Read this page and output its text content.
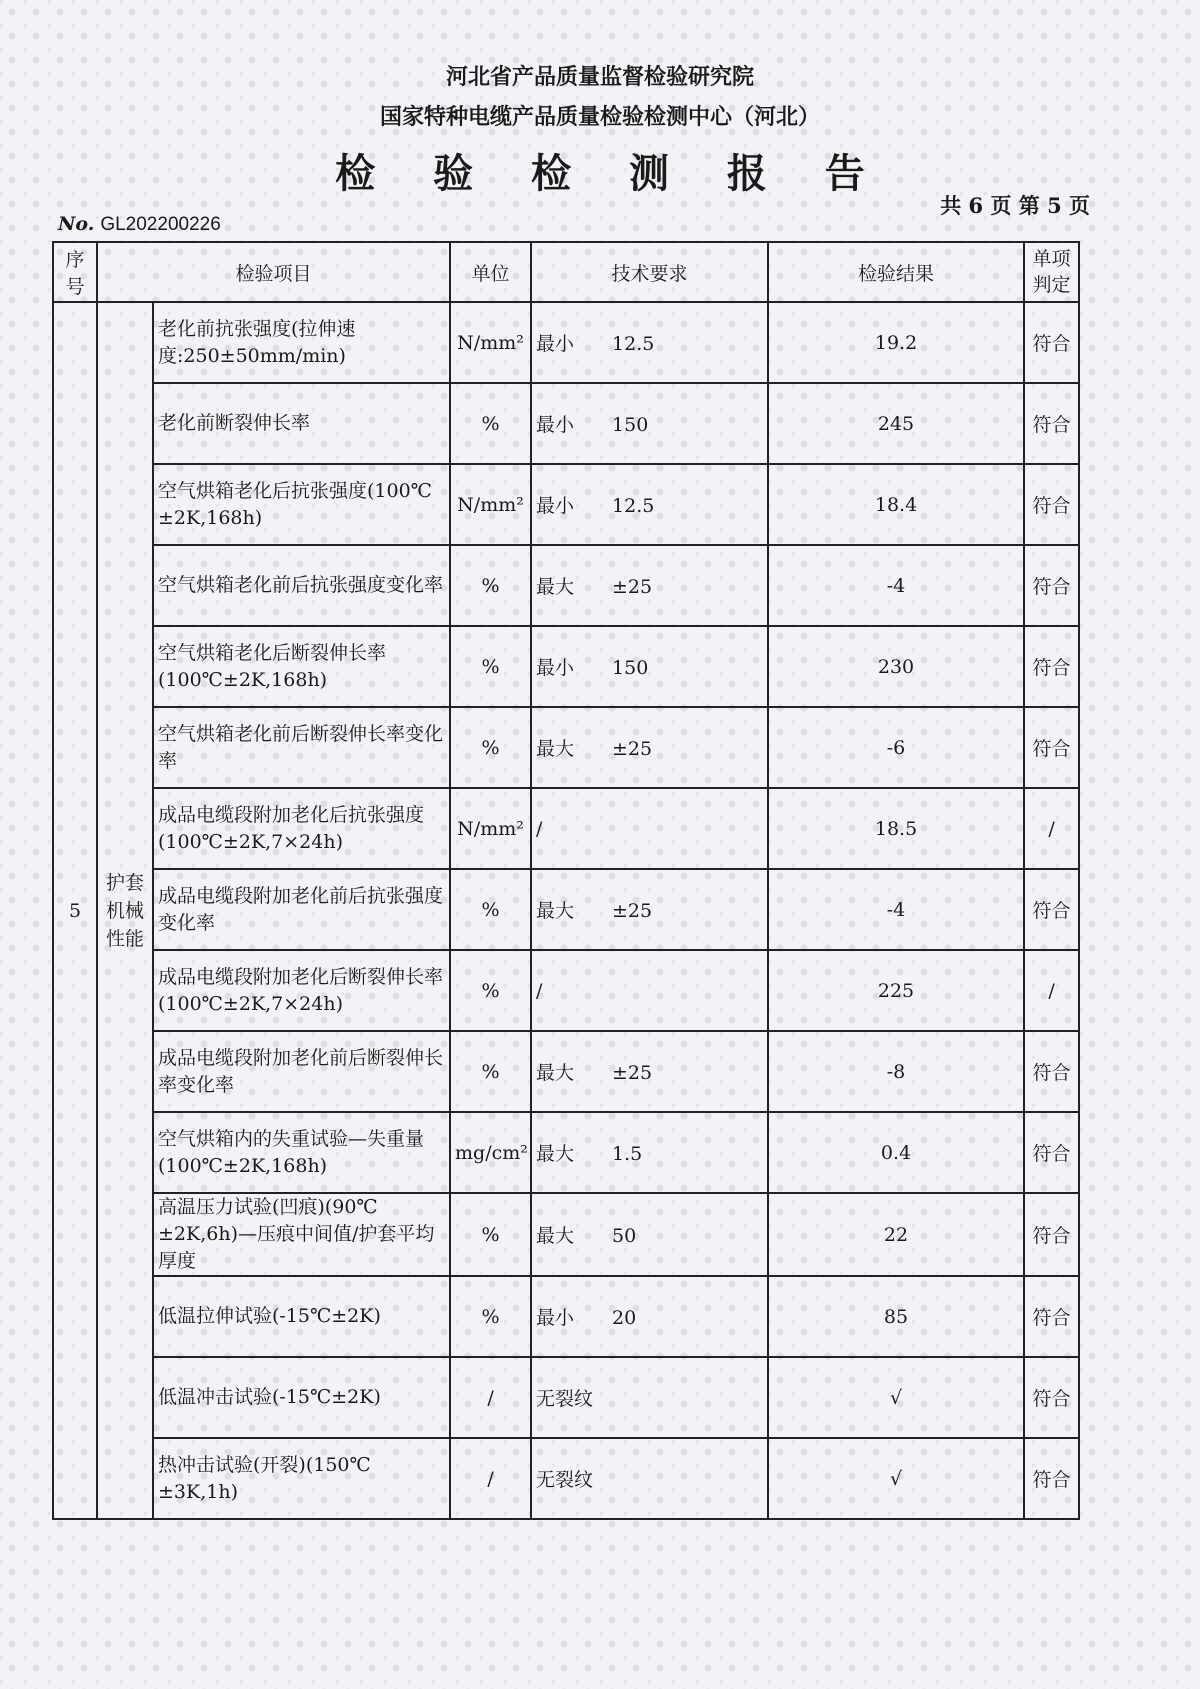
河北省产品质量监督检验研究院
国家特种电缆产品质量检验检测中心（河北）
检 验 检 测 报 告
共 6 页 第 5 页
No. GL202200226
序号	检验项目		单位	技术要求	检验结果	单项判定
5	护套机械性能	老化前抗张强度(拉伸速度:250±50mm/min)	N/mm²	最小 12.5	19.2	符合
		老化前断裂伸长率	%	最小 150	245	符合
		空气烘箱老化后抗张强度(100℃±2K,168h)	N/mm²	最小 12.5	18.4	符合
		空气烘箱老化前后抗张强度变化率	%	最大 ±25	-4	符合
		空气烘箱老化后断裂伸长率(100℃±2K,168h)	%	最小 150	230	符合
		空气烘箱老化前后断裂伸长率变化率	%	最大 ±25	-6	符合
		成品电缆段附加老化后抗张强度(100℃±2K,7×24h)	N/mm²	/	18.5	/
		成品电缆段附加老化前后抗张强度变化率	%	最大 ±25	-4	符合
		成品电缆段附加老化后断裂伸长率(100℃±2K,7×24h)	%	/	225	/
		成品电缆段附加老化前后断裂伸长率变化率	%	最大 ±25	-8	符合
		空气烘箱内的失重试验—失重量(100℃±2K,168h)	mg/cm²	最大 1.5	0.4	符合
		高温压力试验(凹痕)(90℃±2K,6h)—压痕中间值/护套平均厚度	%	最大 50	22	符合
		低温拉伸试验(-15℃±2K)	%	最小 20	85	符合
		低温冲击试验(-15℃±2K)	/	无裂纹	√	符合
		热冲击试验(开裂)(150℃±3K,1h)	/	无裂纹	√	符合
